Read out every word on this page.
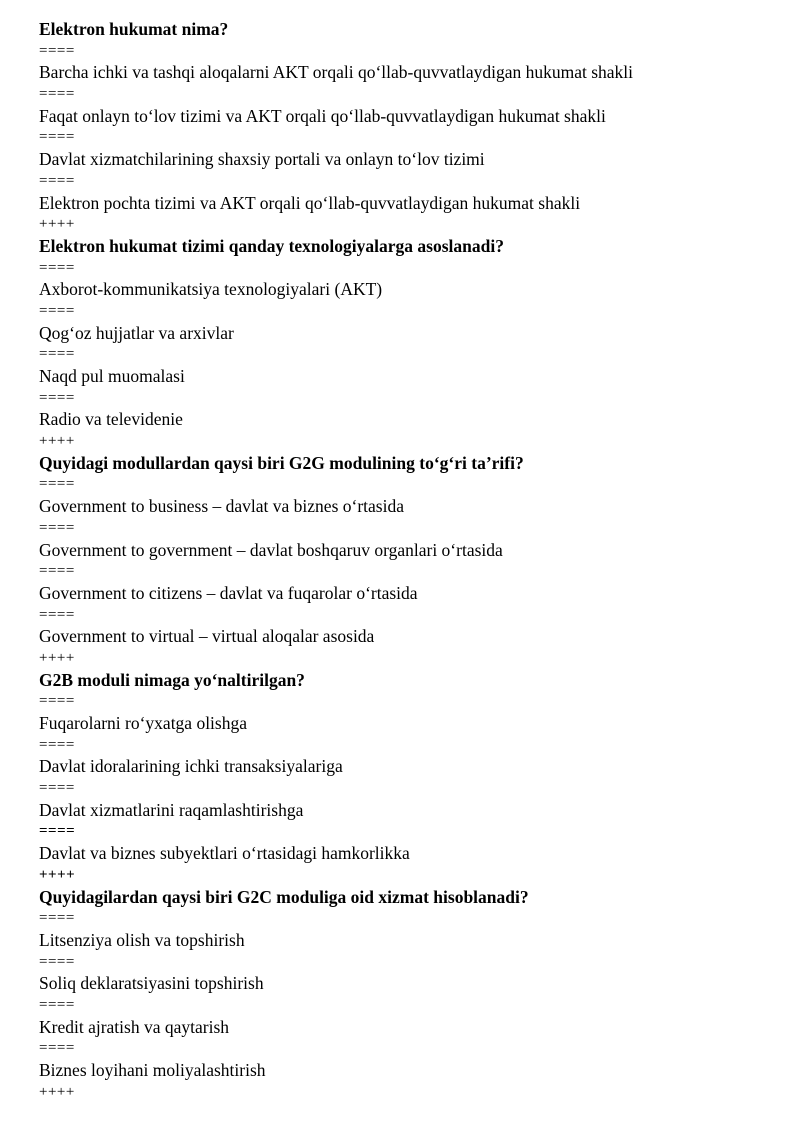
Elektron hukumat nima?
====
Barcha ichki va tashqi aloqalarni AKT orqali qo‘llab-quvvatlaydigan hukumat shakli
====
Faqat onlayn to‘lov tizimi va AKT orqali qo‘llab-quvvatlaydigan hukumat shakli
====
Davlat xizmatchilarining shaxsiy portali va onlayn to‘lov tizimi
====
Elektron pochta tizimi va AKT orqali qo‘llab-quvvatlaydigan hukumat shakli
++++
Elektron hukumat tizimi qanday texnologiyalarga asoslanadi?
====
Axborot-kommunikatsiya texnologiyalari (AKT)
====
Qog‘oz hujjatlar va arxivlar
====
Naqd pul muomalasi
====
Radio va televidenie
++++
Quyidagi modullardan qaysi biri G2G modulining to‘g‘ri ta’rifi?
====
Government to business – davlat va biznes o‘rtasida
====
Government to government – davlat boshqaruv organlari o‘rtasida
====
Government to citizens – davlat va fuqarolar o‘rtasida
====
Government to virtual – virtual aloqalar asosida
++++
G2B moduli nimaga yo‘naltirilgan?
====
Fuqarolarni ro‘yxatga olishga
====
Davlat idoralarining ichki transaksiyalariga
====
Davlat xizmatlarini raqamlashtirishga
====
Davlat va biznes subyektlari o‘rtasidagi hamkorlikka
++++
Quyidagilardan qaysi biri G2C moduliga oid xizmat hisoblanadi?
====
Litsenziya olish va topshirish
====
Soliq deklaratsiyasini topshirish
====
Kredit ajratish va qaytarish
====
Biznes loyihani moliyalashtirish
++++
